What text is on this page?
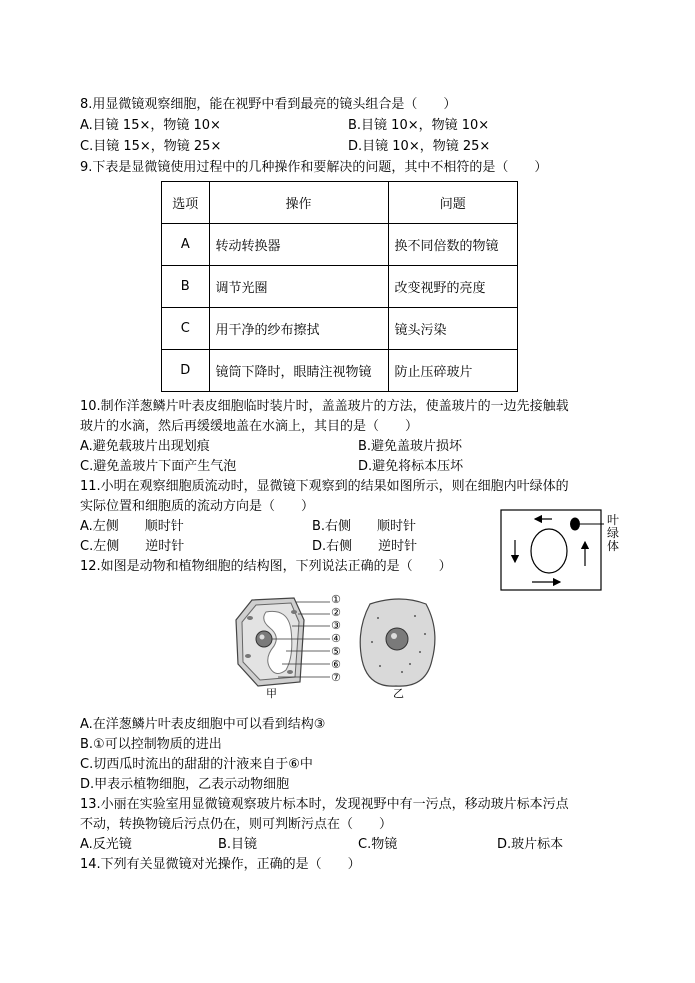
8.用显微镜观察细胞，能在视野中看到最亮的镜头组合是（　　）
A.目镜 15×，物镜 10×	B.目镜 10×，物镜 10×
C.目镜 15×，物镜 25×	D.目镜 10×，物镜 25×
9.下表是显微镜使用过程中的几种操作和要解决的问题，其中不相符的是（　　）
选项	操作	问题
A	转动转换器	换不同倍数的物镜
B	调节光圈	改变视野的亮度
C	用干净的纱布擦拭	镜头污染
D	镜筒下降时，眼睛注视物镜	防止压碎玻片
10.制作洋葱鳞片叶表皮细胞临时装片时，盖盖玻片的方法，使盖玻片的一边先接触载
玻片的水滴，然后再缓缓地盖在水滴上，其目的是（　　）
A.避免载玻片出现划痕	B.避免盖玻片损坏
C.避免盖玻片下面产生气泡	D.避免将标本压坏
11.小明在观察细胞质流动时，显微镜下观察到的结果如图所示，则在细胞内叶绿体的
实际位置和细胞质的流动方向是（　　）
A.左侧　　顺时针	B.右侧　　顺时针
C.左侧　　逆时针	D.右侧　　逆时针
叶绿体
12.如图是动物和植物细胞的结构图，下列说法正确的是（　　）
①
②
③
④
⑤
⑥
⑦
甲	乙
A.在洋葱鳞片叶表皮细胞中可以看到结构③
B.①可以控制物质的进出
C.切西瓜时流出的甜甜的汁液来自于⑥中
D.甲表示植物细胞，乙表示动物细胞
13.小丽在实验室用显微镜观察玻片标本时，发现视野中有一污点，移动玻片标本污点
不动，转换物镜后污点仍在，则可判断污点在（　　）
A.反光镜	B.目镜	C.物镜	D.玻片标本
14.下列有关显微镜对光操作，正确的是（　　）
